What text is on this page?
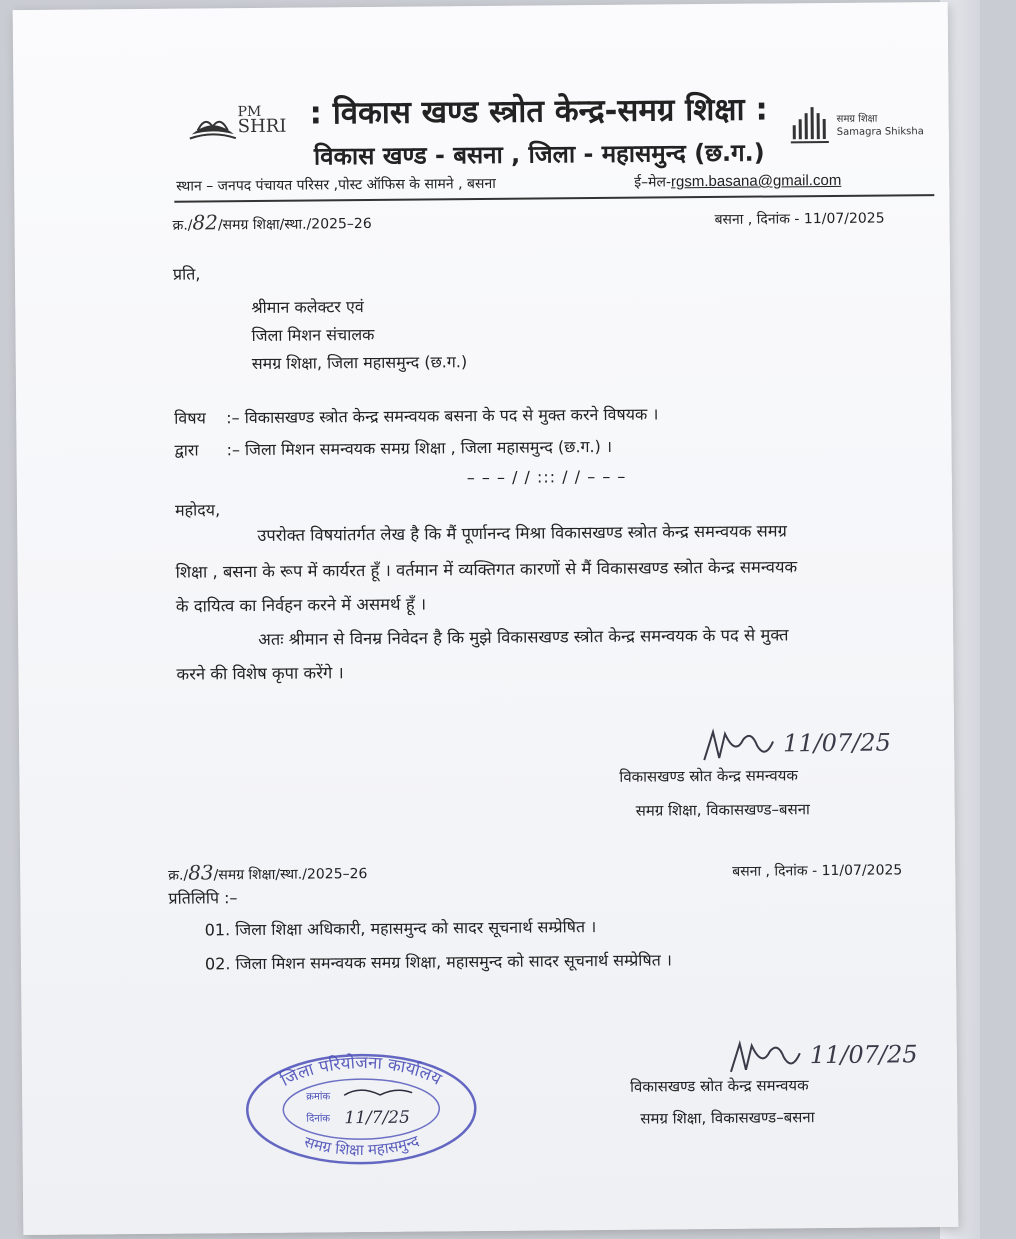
PM
SHRI : विकास खण्ड स्त्रोत केन्द्र-समग्र शिक्षा :
विकास खण्ड - बसना , जिला - महासमुन्द (छ.ग.)
समग्र शिक्षा
Samagra Shiksha
स्थान – जनपद पंचायत परिसर ,पोस्ट ऑफिस के सामने , बसना	ई–मेल-rgsm.basana@gmail.com
क्र./82/समग्र शिक्षा/स्था./2025–26	बसना , दिनांक - 11/07/2025
प्रति,
श्रीमान कलेक्टर एवं
जिला मिशन संचालक
समग्र शिक्षा, जिला महासमुन्द (छ.ग.)
विषय :– विकासखण्ड स्त्रोत केन्द्र समन्वयक बसना के पद से मुक्त करने विषयक ।
द्वारा :– जिला मिशन समन्वयक समग्र शिक्षा , जिला महासमुन्द (छ.ग.) ।
– – – / / ::: / / – – –
महोदय,
उपरोक्त विषयांतर्गत लेख है कि मैं पूर्णानन्द मिश्रा विकासखण्ड स्त्रोत केन्द्र समन्वयक समग्र
शिक्षा , बसना के रूप में कार्यरत हूँ । वर्तमान में व्यक्तिगत कारणों से मैं विकासखण्ड स्त्रोत केन्द्र समन्वयक
के दायित्व का निर्वहन करने में असमर्थ हूँ ।
अतः श्रीमान से विनम्र निवेदन है कि मुझे विकासखण्ड स्त्रोत केन्द्र समन्वयक के पद से मुक्त
करने की विशेष कृपा करेंगे ।
11/07/25
विकासखण्ड स्रोत केन्द्र समन्वयक
समग्र शिक्षा, विकासखण्ड–बसना
क्र./83/समग्र शिक्षा/स्था./2025–26	बसना , दिनांक - 11/07/2025
प्रतिलिपि :–
01. जिला शिक्षा अधिकारी, महासमुन्द को सादर सूचनार्थ सम्प्रेषित ।
02. जिला मिशन समन्वयक समग्र शिक्षा, महासमुन्द को सादर सूचनार्थ सम्प्रेषित ।
जिला परियोजना कार्यालय
समग्र शिक्षा महासमुन्द
क्रमांक
दिनांक 11/7/25
11/07/25
विकासखण्ड स्रोत केन्द्र समन्वयक
समग्र शिक्षा, विकासखण्ड–बसना
